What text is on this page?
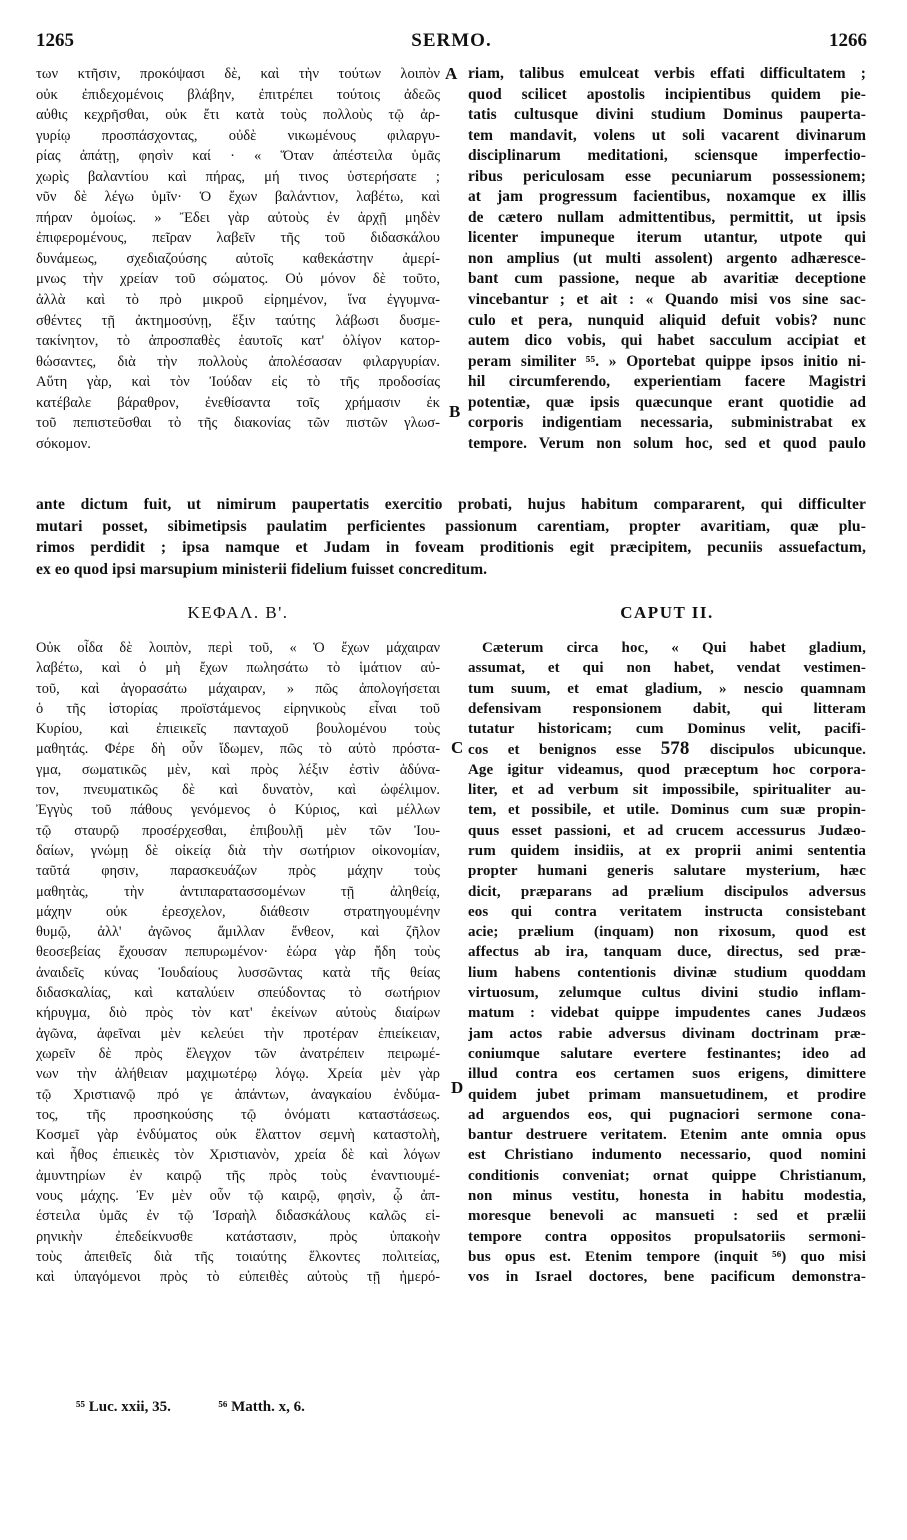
1265	SERMO.	1266
των κτῆσιν, προκόψασι δὲ, καὶ τὴν τούτων λοιπὸν
οὐκ ἐπιδεχομένοις βλάβην, ἐπιτρέπει τούτοις ἀδεῶς
αὐθις κεχρῆσθαι, οὐκ ἔτι κατὰ τοὺς πολλοὺς τῷ ἀρ-
γυρίῳ προσπάσχοντας, οὐδὲ νικωμένους φιλαργυ-
ρίας ἀπάτῃ, φησὶν καί · « Ὅταν ἀπέστειλα ὑμᾶς
χωρὶς βαλαντίου καὶ πήρας, μή τινος ὑστερήσατε ;
νῦν δὲ λέγω ὑμῖν· Ὁ ἔχων βαλάντιον, λαβέτω, καὶ
πήραν ὁμοίως. » Ἔδει γὰρ αὐτοὺς ἐν ἀρχῇ μηδὲν
ἐπιφερομένους, πεῖραν λαβεῖν τῆς τοῦ διδασκάλου
δυνάμεως, σχεδιαζούσης αὐτοῖς καθεκάστην ἀμερί-
μνως τὴν χρείαν τοῦ σώματος. Οὐ μόνον δὲ τοῦτο,
ἀλλὰ καὶ τὸ πρὸ μικροῦ εἰρημένον, ἵνα ἐγγυμνα-
σθέντες τῇ ἀκτημοσύνῃ, ἕξιν ταύτης λάβωσι δυσμε-
τακίνητον, τὸ ἀπροσπαθὲς ἑαυτοῖς κατ' ὀλίγον κατορ-
θώσαντες, διὰ τὴν πολλοὺς ἀπολέσασαν φιλαργυρίαν.
Αὕτη γὰρ, καὶ τὸν Ἰούδαν εἰς τὸ τῆς προδοσίας
κατέβαλε βάραθρον, ἐνεθίσαντα τοῖς χρήμασιν ἐκ
τοῦ πεπιστεῦσθαι τὸ τῆς διακονίας τῶν πιστῶν γλωσ-
σόκομον.
riam, talibus emulceat verbis effati difficultatem ;
quod scilicet apostolis incipientibus quidem pie-
tatis cultusque divini studium Dominus pauperta-
tem mandavit, volens ut soli vacarent divinarum
disciplinarum meditationi, sciensque imperfectio-
ribus periculosam esse pecuniarum possessionem;
at jam progressum facientibus, noxamque ex illis
de cætero nullam admittentibus, permittit, ut ipsis
licenter impuneque iterum utantur, utpote qui
non amplius (ut multi assolent) argento adhæresce-
bant cum passione, neque ab avaritiæ deceptione
vincebantur ; et ait : « Quando misi vos sine sac-
culo et pera, nunquid aliquid defuit vobis? nunc
autem dico vobis, qui habet sacculum accipiat et
peram similiter ⁵⁵. » Oportebat quippe ipsos initio ni-
hil circumferendo, experientiam facere Magistri
potentiæ, quæ ipsis quæcunque erant quotidie ad
corporis indigentiam necessaria, subministrabat ex
tempore. Verum non solum hoc, sed et quod paulo
A
B
C
D
ante dictum fuit, ut nimirum paupertatis exercitio probati, hujus habitum compararent, qui difficulter
mutari posset, sibimetipsis paulatim perficientes passionum carentiam, propter avaritiam, quæ plu-
rimos perdidit ; ipsa namque et Judam in foveam proditionis egit præcipitem, pecuniis assuefactum,
ex eo quod ipsi marsupium ministerii fidelium fuisset concreditum.
ΚΕΦΑΛ. Β'.	CAPUT II.
Οὐκ οἶδα δὲ λοιπὸν, περὶ τοῦ, « Ὁ ἔχων μάχαιραν
λαβέτω, καὶ ὁ μὴ ἔχων πωλησάτω τὸ ἱμάτιον αὐ-
τοῦ, καὶ ἀγορασάτω μάχαιραν, » πῶς ἀπολογήσεται
ὁ τῆς ἱστορίας προϊστάμενος εἰρηνικοὺς εἶναι τοῦ
Κυρίου, καὶ ἐπιεικεῖς πανταχοῦ βουλομένου τοὺς
μαθητάς. Φέρε δὴ οὖν ἴδωμεν, πῶς τὸ αὐτὸ πρόστα-
γμα, σωματικῶς μὲν, καὶ πρὸς λέξιν ἐστὶν ἀδύνα-
τον, πνευματικῶς δὲ καὶ δυνατὸν, καὶ ὠφέλιμον.
Ἐγγὺς τοῦ πάθους γενόμενος ὁ Κύριος, καὶ μέλλων
τῷ σταυρῷ προσέρχεσθαι, ἐπιβουλῇ μὲν τῶν Ἰου-
δαίων, γνώμῃ δὲ οἰκείᾳ διὰ τὴν σωτήριον οἰκονομίαν,
ταῦτά φησιν, παρασκευάζων πρὸς μάχην τοὺς
μαθητὰς, τὴν ἀντιπαρατασσομένων τῇ ἀληθείᾳ,
μάχην οὐκ ἐρεσχελον, διάθεσιν στρατηγουμένην
θυμῷ, ἀλλ' ἀγῶνος ἅμιλλαν ἔνθεον, καὶ ζῆλον
θεοσεβείας ἔχουσαν πεπυρωμένον· ἑώρα γὰρ ἤδη τοὺς
ἀναιδεῖς κύνας Ἰουδαίους λυσσῶντας κατὰ τῆς θείας
διδασκαλίας, καὶ καταλύειν σπεύδοντας τὸ σωτήριον
κήρυγμα, διὸ πρὸς τὸν κατ' ἐκείνων αὐτοὺς διαίρων
ἀγῶνα, ἀφεῖναι μὲν κελεύει τὴν προτέραν ἐπιείκειαν,
χωρεῖν δὲ πρὸς ἔλεγχον τῶν ἀνατρέπειν πειρωμέ-
νων τὴν ἀλήθειαν μαχιμωτέρῳ λόγῳ. Χρεία μὲν γὰρ
τῷ Χριστιανῷ πρό γε ἁπάντων, ἀναγκαίου ἐνδύμα-
τος, τῆς προσηκούσης τῷ ὀνόματι καταστάσεως.
Κοσμεῖ γὰρ ἐνδύματος οὐκ ἔλαττον σεμνὴ καταστολὴ,
καὶ ἦθος ἐπιεικὲς τὸν Χριστιανὸν, χρεία δὲ καὶ λόγων
ἀμυντηρίων ἐν καιρῷ τῆς πρὸς τοὺς ἐναντιουμέ-
νους μάχης. Ἐν μὲν οὖν τῷ καιρῷ, φησὶν, ᾧ ἀπ-
έστειλα ὑμᾶς ἐν τῷ Ἰσραὴλ διδασκάλους καλῶς εἰ-
ρηνικὴν ἐπεδείκνυσθε κατάστασιν, πρὸς ὑπακοὴν
τοὺς ἀπειθεῖς διὰ τῆς τοιαύτης ἕλκοντες πολιτείας,
καὶ ὑπαγόμενοι πρὸς τὸ εὐπειθὲς αὐτοὺς τῇ ἡμερό-
Cæterum circa hoc, « Qui habet gladium,
assumat, et qui non habet, vendat vestimen-
tum suum, et emat gladium, » nescio quamnam
defensivam responsionem dabit, qui litteram
tutatur historicam; cum Dominus velit, pacifi-
cos et benignos esse 578 discipulos ubicunque.
Age igitur videamus, quod præceptum hoc corpora-
liter, et ad verbum sit impossibile, spiritualiter au-
tem, et possibile, et utile. Dominus cum suæ propin-
quus esset passioni, et ad crucem accessurus Judæo-
rum quidem insidiis, at ex proprii animi sententia
propter humani generis salutare mysterium, hæc
dicit, præparans ad prælium discipulos adversus
eos qui contra veritatem instructa consistebant
acie; prælium (inquam) non rixosum, quod est
affectus ab ira, tanquam duce, directus, sed præ-
lium habens contentionis divinæ studium quoddam
virtuosum, zelumque cultus divini studio inflam-
matum : videbat quippe impudentes canes Judæos
jam actos rabie adversus divinam doctrinam præ-
coniumque salutare evertere festinantes; ideo ad
illud contra eos certamen suos erigens, dimittere
quidem jubet primam mansuetudinem, et prodire
ad arguendos eos, qui pugnaciori sermone cona-
bantur destruere veritatem. Etenim ante omnia opus
est Christiano indumento necessario, quod nomini
conditionis conveniat; ornat quippe Christianum,
non minus vestitu, honesta in habitu modestia,
moresque benevoli ac mansueti : sed et prælii
tempore contra oppositos propulsatoriis sermoni-
bus opus est. Etenim tempore (inquit ⁵⁶) quo misi
vos in Israel doctores, bene pacificum demonstra-
⁵⁵ Luc. xxii, 35.	⁵⁶ Matth. x, 6.
